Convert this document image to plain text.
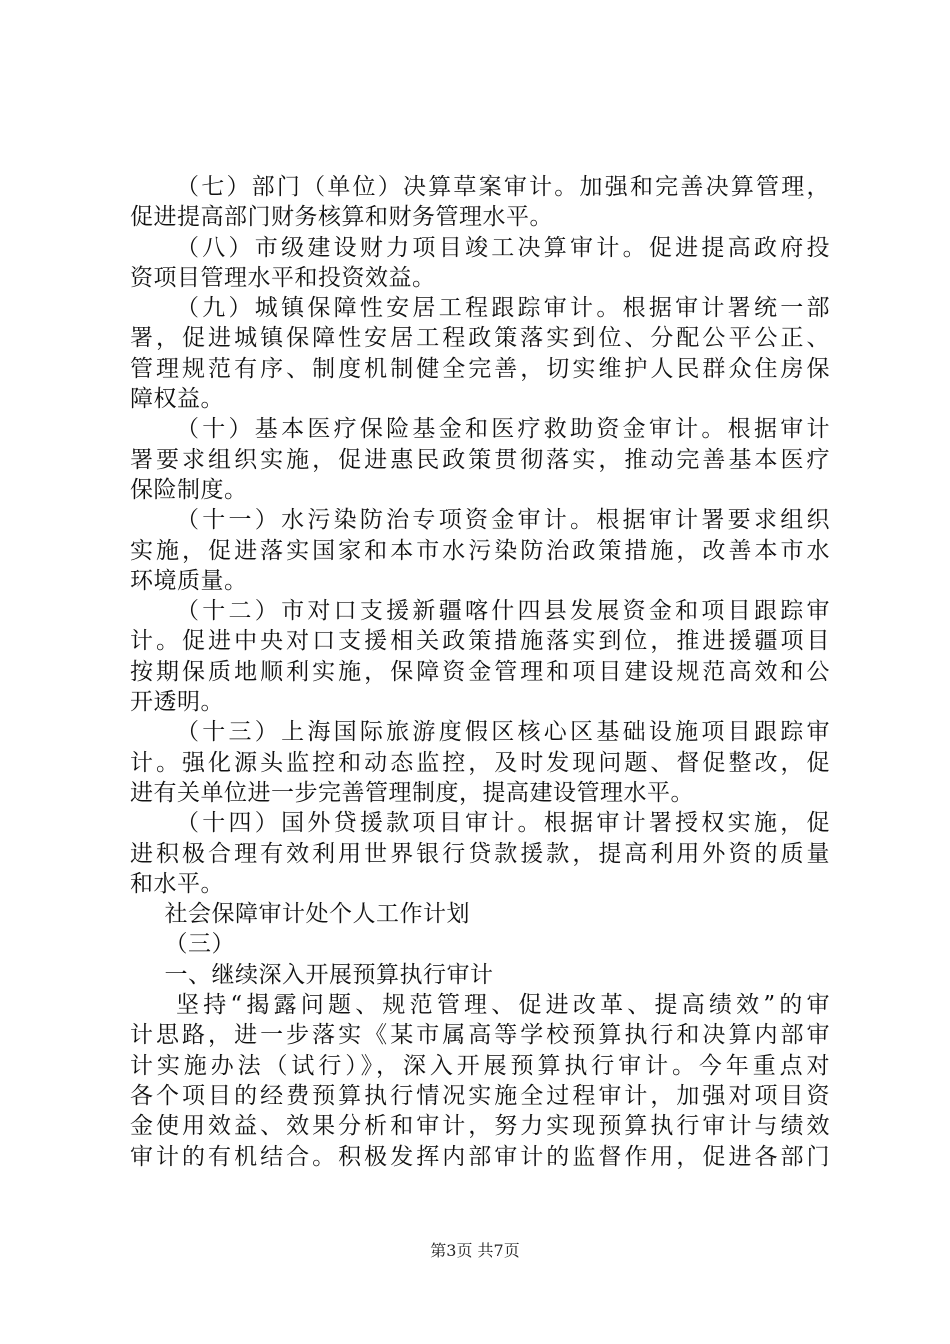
（七）部门（单位）决算草案审计。加强和完善决算管理，
促进提高部门财务核算和财务管理水平。
（八）市级建设财力项目竣工决算审计。促进提高政府投
资项目管理水平和投资效益。
（九）城镇保障性安居工程跟踪审计。根据审计署统一部
署，促进城镇保障性安居工程政策落实到位、分配公平公正、
管理规范有序、制度机制健全完善，切实维护人民群众住房保
障权益。
（十）基本医疗保险基金和医疗救助资金审计。根据审计
署要求组织实施，促进惠民政策贯彻落实，推动完善基本医疗
保险制度。
（十一）水污染防治专项资金审计。根据审计署要求组织
实施，促进落实国家和本市水污染防治政策措施，改善本市水
环境质量。
（十二）市对口支援新疆喀什四县发展资金和项目跟踪审
计。促进中央对口支援相关政策措施落实到位，推进援疆项目
按期保质地顺利实施，保障资金管理和项目建设规范高效和公
开透明。
（十三）上海国际旅游度假区核心区基础设施项目跟踪审
计。强化源头监控和动态监控，及时发现问题、督促整改，促
进有关单位进一步完善管理制度，提高建设管理水平。
（十四）国外贷援款项目审计。根据审计署授权实施，促
进积极合理有效利用世界银行贷款援款，提高利用外资的质量
和水平。
社会保障审计处个人工作计划
（三）
一、继续深入开展预算执行审计
坚持“揭露问题、规范管理、促进改革、提高绩效”的审
计思路，进一步落实《某市属高等学校预算执行和决算内部审
计实施办法（试行）》，深入开展预算执行审计。今年重点对
各个项目的经费预算执行情况实施全过程审计，加强对项目资
金使用效益、效果分析和审计，努力实现预算执行审计与绩效
审计的有机结合。积极发挥内部审计的监督作用，促进各部门
第3页 共7页
